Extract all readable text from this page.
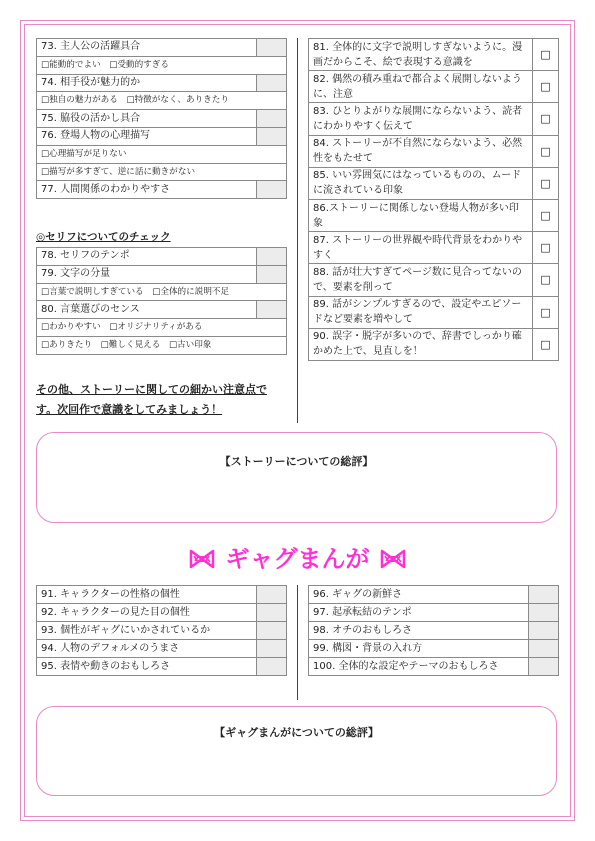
73. 主人公の活躍具合	
□能動的でよい　□受動的すぎる	
74. 相手役が魅力的か	
□独自の魅力がある　□特徴がなく、ありきたり	
75. 脇役の活かし具合	
76. 登場人物の心理描写	
□心理描写が足りない	
□描写が多すぎて、逆に話に動きがない	
77. 人間関係のわかりやすさ	
◎セリフについてのチェック
78. セリフのテンポ	
79. 文字の分量	
□言葉で説明しすぎている　□全体的に説明不足	
80. 言葉選びのセンス	
□わかりやすい　□オリジナリティがある	
□ありきたり　□難しく見える　□古い印象	
その他、ストーリーに関しての細かい注意点です。次回作で意識をしてみましょう！
81. 全体的に文字で説明しすぎないように。漫画だからこそ、絵で表現する意識を	□
82. 偶然の積み重ねで都合よく展開しないように、注意	□
83. ひとりよがりな展開にならないよう、読者にわかりやすく伝えて	□
84. ストーリーが不自然にならないよう、必然性をもたせて	□
85. いい雰囲気にはなっているものの、ムードに流されている印象	□
86.ストーリーに関係しない登場人物が多い印象	□
87. ストーリーの世界観や時代背景をわかりやすく	□
88. 話が壮大すぎてページ数に見合ってないので、要素を削って	□
89. 話がシンプルすぎるので、設定やエピソードなど要素を増やして	□
90. 誤字・脱字が多いので、辞書でしっかり確かめた上で、見直しを！	□
【ストーリーについての総評】
ギャグまんが
91. キャラクターの性格の個性	
92. キャラクターの見た目の個性	
93. 個性がギャグにいかされているか	
94. 人物のデフォルメのうまさ	
95. 表情や動きのおもしろさ	
96. ギャグの新鮮さ	
97. 起承転結のテンポ	
98. オチのおもしろさ	
99. 構図・背景の入れ方	
100. 全体的な設定やテーマのおもしろさ	
【ギャグまんがについての総評】
